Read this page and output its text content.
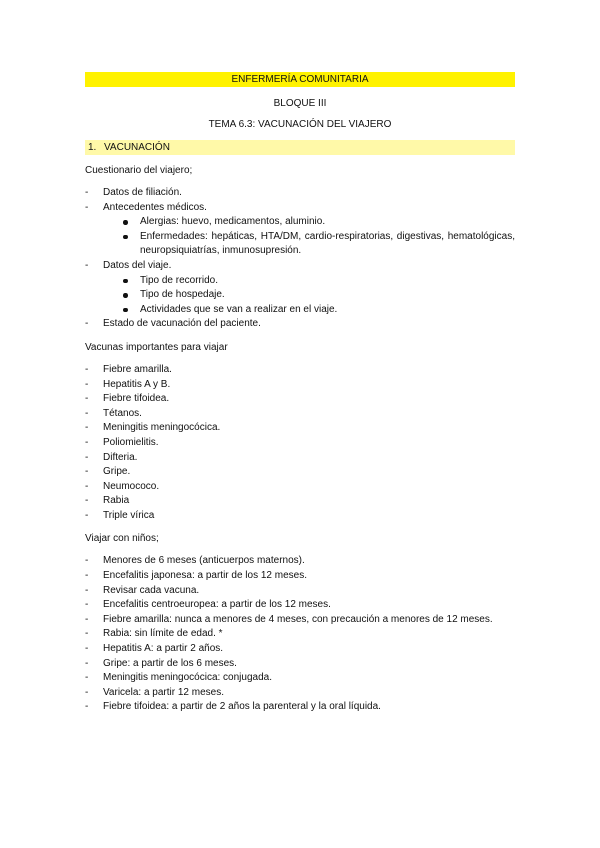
ENFERMERÍA COMUNITARIA
BLOQUE III
TEMA 6.3: VACUNACIÓN DEL VIAJERO
1. VACUNACIÓN
Cuestionario del viajero;
- Datos de filiación.
- Antecedentes médicos.
Alergias: huevo, medicamentos, aluminio.
Enfermedades: hepáticas, HTA/DM, cardio-respiratorias, digestivas, hematológicas, neuropsiquiatrías, inmunosupresión.
- Datos del viaje.
Tipo de recorrido.
Tipo de hospedaje.
Actividades que se van a realizar en el viaje.
- Estado de vacunación del paciente.
Vacunas importantes para viajar
- Fiebre amarilla.
- Hepatitis A y B.
- Fiebre tifoidea.
- Tétanos.
- Meningitis meningocócica.
- Poliomielitis.
- Difteria.
- Gripe.
- Neumococo.
- Rabia
- Triple vírica
Viajar con niños;
- Menores de 6 meses (anticuerpos maternos).
- Encefalitis japonesa: a partir de los 12 meses.
- Revisar cada vacuna.
- Encefalitis centroeuropea: a partir de los 12 meses.
- Fiebre amarilla: nunca a menores de 4 meses, con precaución a menores de 12 meses.
- Rabia: sin límite de edad. *
- Hepatitis A: a partir 2 años.
- Gripe: a partir de los 6 meses.
- Meningitis meningocócica: conjugada.
- Varicela: a partir 12 meses.
- Fiebre tifoidea: a partir de 2 años la parenteral y la oral líquida.
